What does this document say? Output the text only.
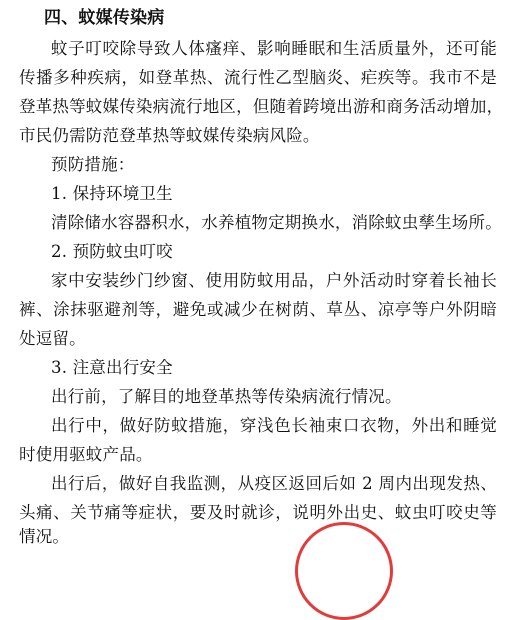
四、蚊媒传染病
蚊子叮咬除导致人体瘙痒、影响睡眠和生活质量外，还可能
传播多种疾病，如登革热、流行性乙型脑炎、疟疾等。我市不是
登革热等蚊媒传染病流行地区，但随着跨境出游和商务活动增加，
市民仍需防范登革热等蚊媒传染病风险。
预防措施：
1. 保持环境卫生
清除储水容器积水，水养植物定期换水，消除蚊虫孳生场所。
2. 预防蚊虫叮咬
家中安装纱门纱窗、使用防蚊用品，户外活动时穿着长袖长
裤、涂抹驱避剂等，避免或减少在树荫、草丛、凉亭等户外阴暗
处逗留。
3. 注意出行安全
出行前，了解目的地登革热等传染病流行情况。
出行中，做好防蚊措施，穿浅色长袖束口衣物，外出和睡觉
时使用驱蚊产品。
出行后，做好自我监测，从疫区返回后如 2 周内出现发热、
头痛、关节痛等症状，要及时就诊，说明外出史、蚊虫叮咬史等
情况。
